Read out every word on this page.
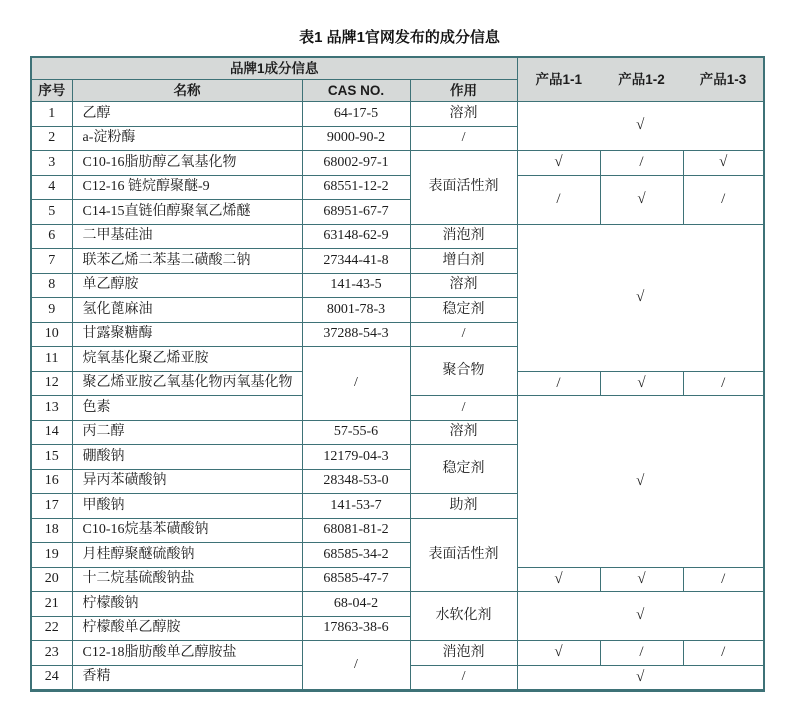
表1 品牌1官网发布的成分信息
品牌1成分信息				产品1-1	产品1-2	产品1-3
序号	名称	CAS NO.	作用			
1	乙醇	64-17-5	溶剂	√		
2	a-淀粉酶	9000-90-2	/			
3	C10-16脂肪醇乙氧基化物	68002-97-1	表面活性剂	√	/	√
4	C12-16 链烷醇聚醚-9	68551-12-2		/	√	/
5	C14-15直链伯醇聚氧乙烯醚	68951-67-7				
6	二甲基硅油	63148-62-9	消泡剂	√		
7	联苯乙烯二苯基二磺酸二钠	27344-41-8	增白剂			
8	单乙醇胺	141-43-5	溶剂			
9	氢化蓖麻油	8001-78-3	稳定剂			
10	甘露聚糖酶	37288-54-3	/			
11	烷氧基化聚乙烯亚胺	/	聚合物			
12	聚乙烯亚胺乙氧基化物丙氧基化物			/	√	/
13	色素		/	√		
14	丙二醇	57-55-6	溶剂			
15	硼酸钠	12179-04-3	稳定剂			
16	异丙苯磺酸钠	28348-53-0				
17	甲酸钠	141-53-7	助剂			
18	C10-16烷基苯磺酸钠	68081-81-2	表面活性剂			
19	月桂醇聚醚硫酸钠	68585-34-2				
20	十二烷基硫酸钠盐	68585-47-7		√	√	/
21	柠檬酸钠	68-04-2	水软化剂	√		
22	柠檬酸单乙醇胺	17863-38-6				
23	C12-18脂肪酸单乙醇胺盐	/	消泡剂	√	/	/
24	香精		/	√		
